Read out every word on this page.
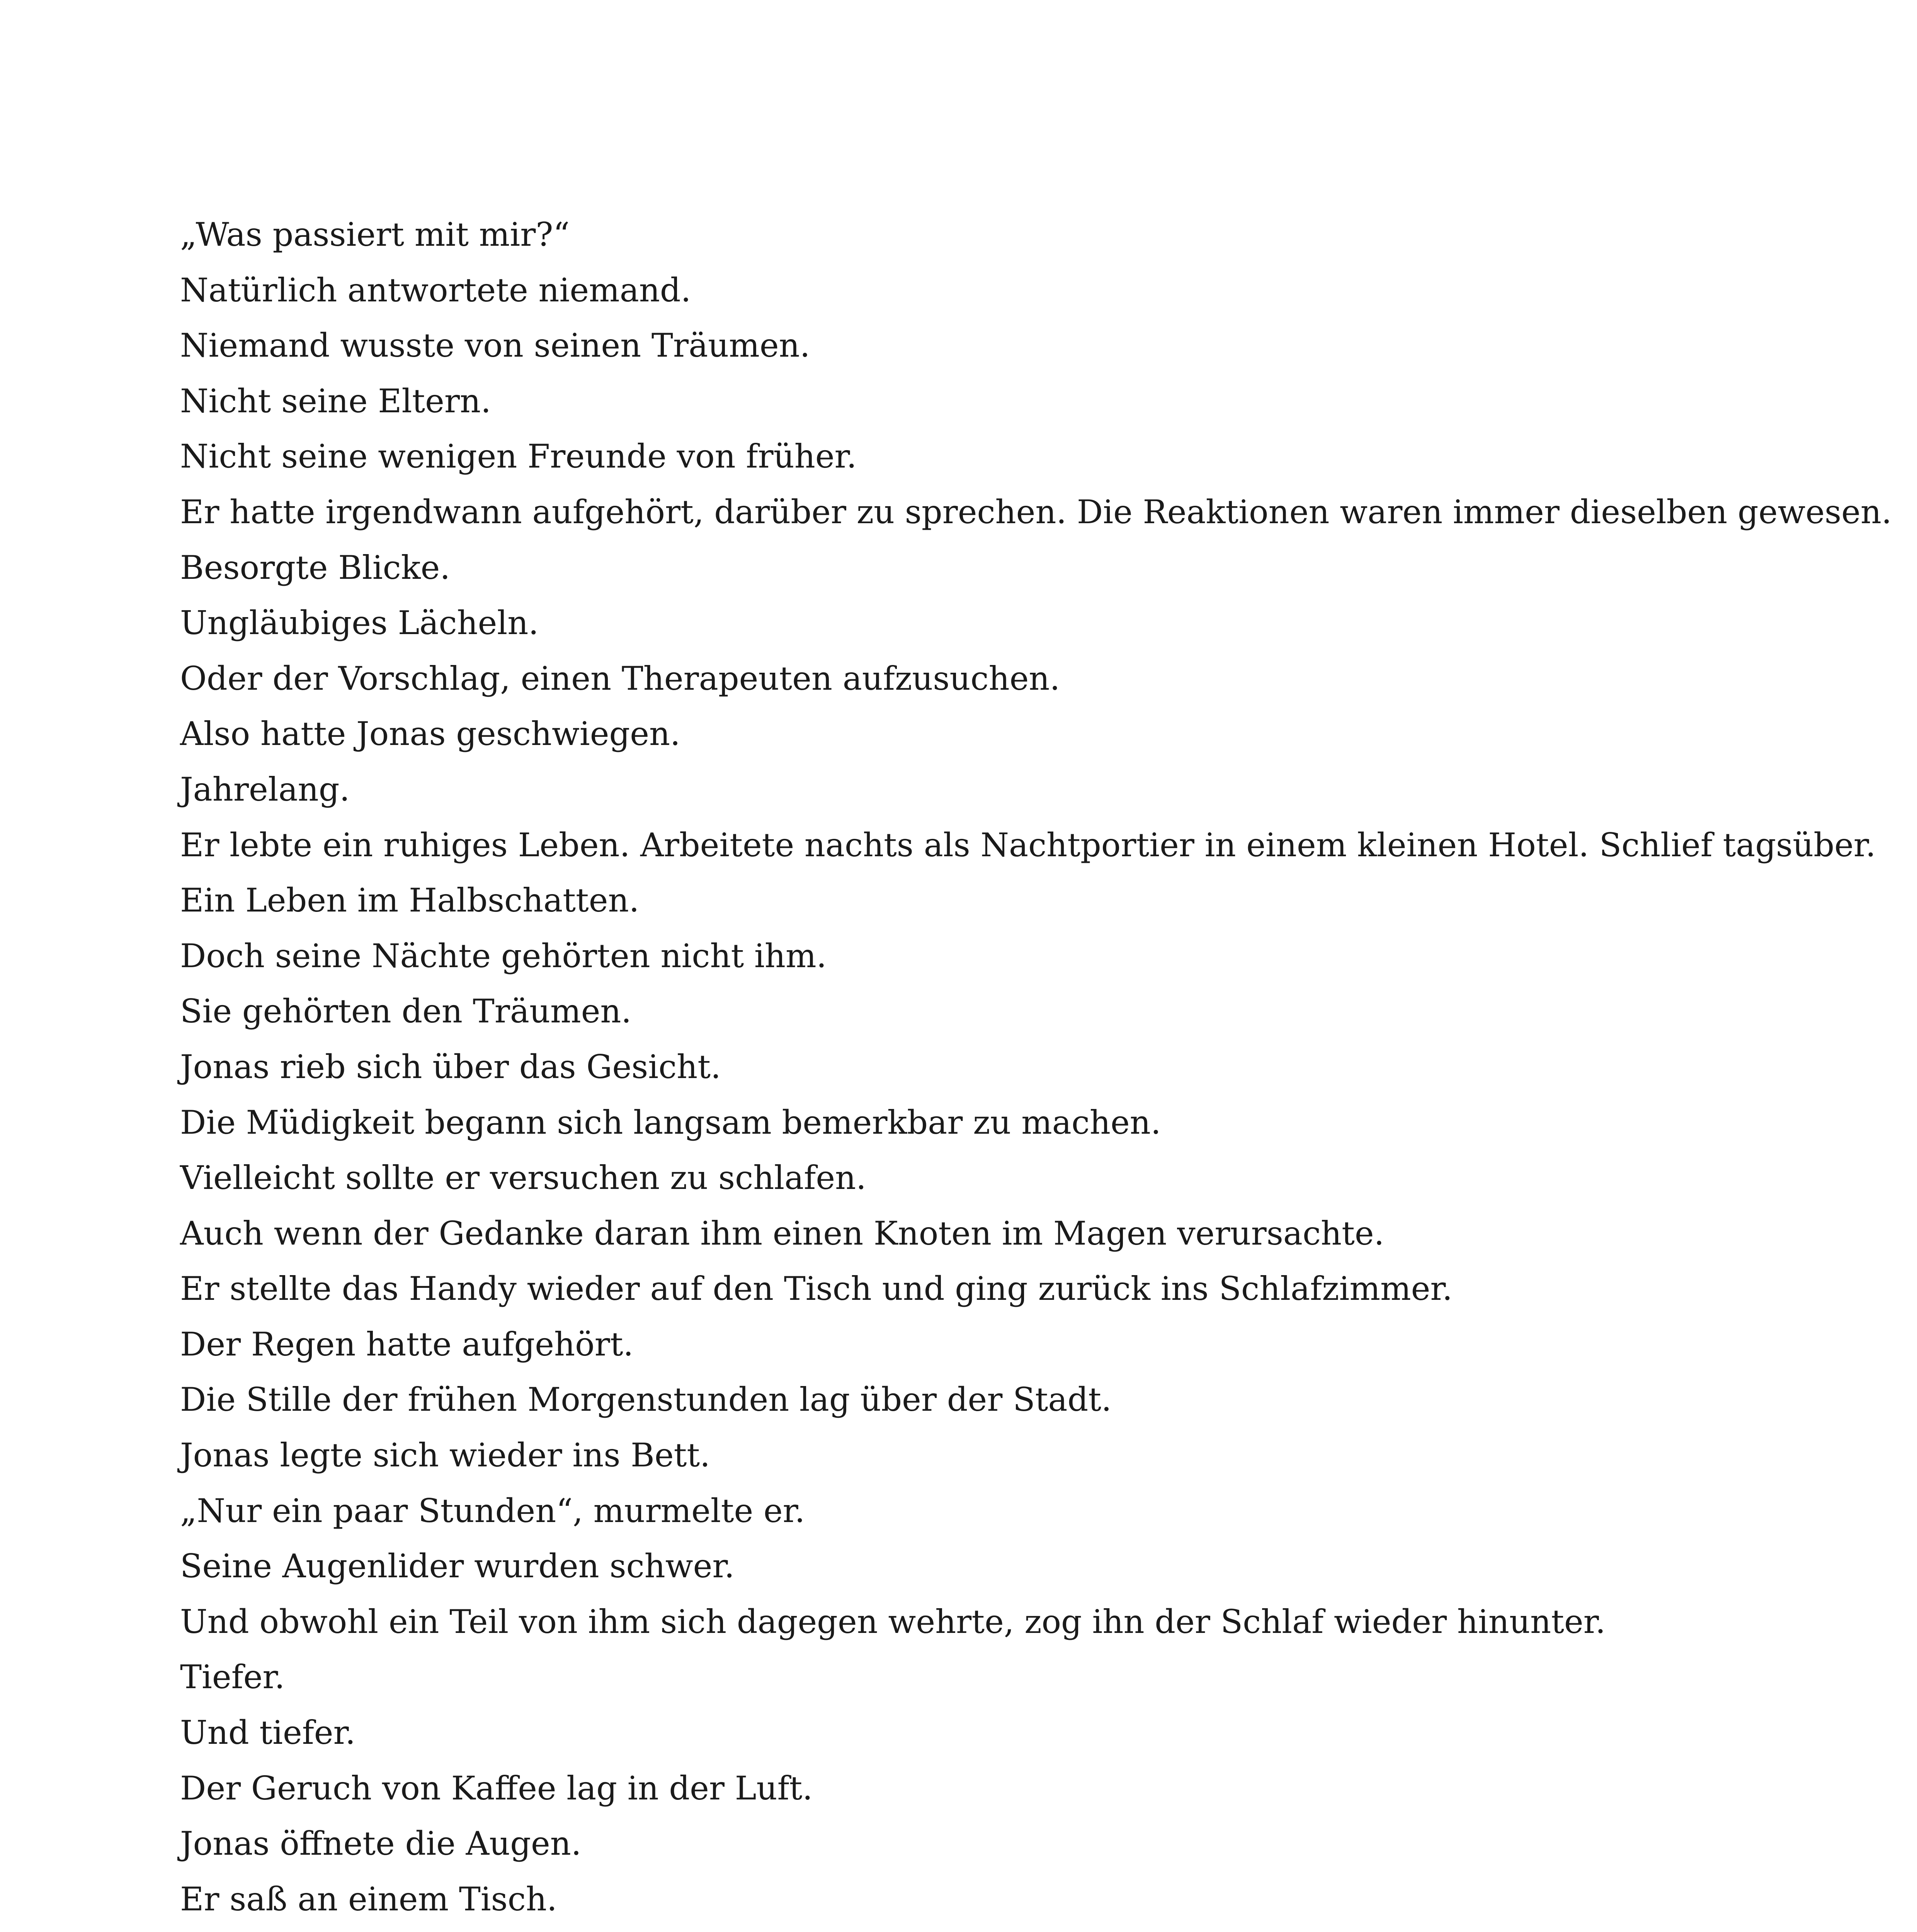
„Was passiert mit mir?“
Natürlich antwortete niemand.
Niemand wusste von seinen Träumen.
Nicht seine Eltern.
Nicht seine wenigen Freunde von früher.
Er hatte irgendwann aufgehört, darüber zu sprechen. Die Reaktionen waren immer dieselben gewesen.
Besorgte Blicke.
Ungläubiges Lächeln.
Oder der Vorschlag, einen Therapeuten aufzusuchen.
Also hatte Jonas geschwiegen.
Jahrelang.
Er lebte ein ruhiges Leben. Arbeitete nachts als Nachtportier in einem kleinen Hotel. Schlief tagsüber.
Ein Leben im Halbschatten.
Doch seine Nächte gehörten nicht ihm.
Sie gehörten den Träumen.
Jonas rieb sich über das Gesicht.
Die Müdigkeit begann sich langsam bemerkbar zu machen.
Vielleicht sollte er versuchen zu schlafen.
Auch wenn der Gedanke daran ihm einen Knoten im Magen verursachte.
Er stellte das Handy wieder auf den Tisch und ging zurück ins Schlafzimmer.
Der Regen hatte aufgehört.
Die Stille der frühen Morgenstunden lag über der Stadt.
Jonas legte sich wieder ins Bett.
„Nur ein paar Stunden“, murmelte er.
Seine Augenlider wurden schwer.
Und obwohl ein Teil von ihm sich dagegen wehrte, zog ihn der Schlaf wieder hinunter.
Tiefer.
Und tiefer.
Der Geruch von Kaffee lag in der Luft.
Jonas öffnete die Augen.
Er saß an einem Tisch.
